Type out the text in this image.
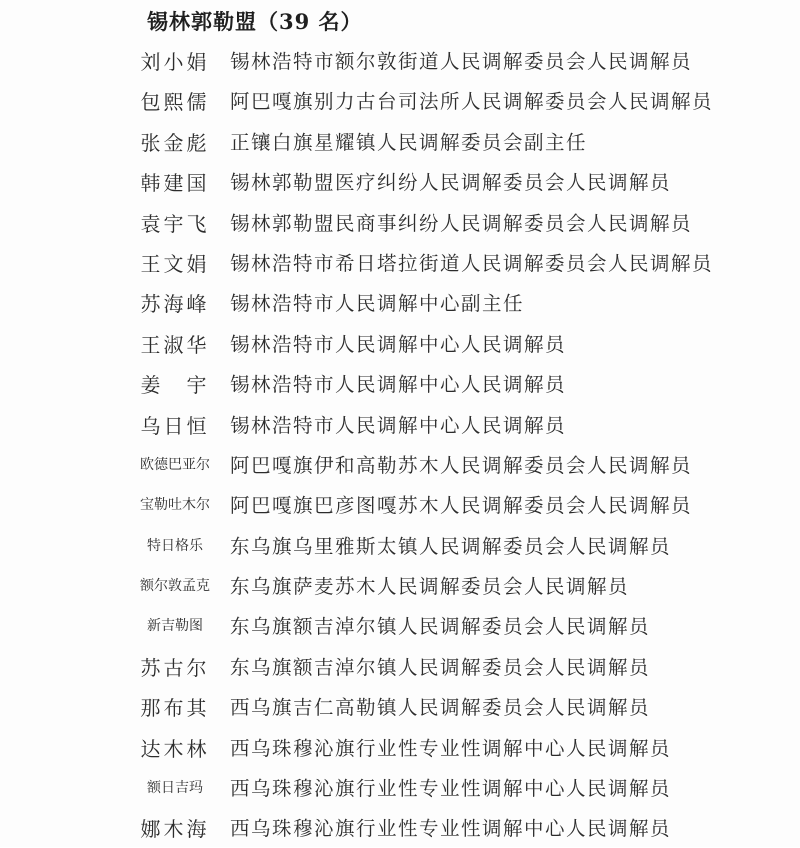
锡林郭勒盟（39 名）
刘小娟	锡林浩特市额尔敦街道人民调解委员会人民调解员
包熙儒	阿巴嘎旗别力古台司法所人民调解委员会人民调解员
张金彪	正镶白旗星耀镇人民调解委员会副主任
韩建国	锡林郭勒盟医疗纠纷人民调解委员会人民调解员
袁宇飞	锡林郭勒盟民商事纠纷人民调解委员会人民调解员
王文娟	锡林浩特市希日塔拉街道人民调解委员会人民调解员
苏海峰	锡林浩特市人民调解中心副主任
王淑华	锡林浩特市人民调解中心人民调解员
姜　宇	锡林浩特市人民调解中心人民调解员
乌日恒	锡林浩特市人民调解中心人民调解员
欧德巴亚尔	阿巴嘎旗伊和高勒苏木人民调解委员会人民调解员
宝勒吐木尔	阿巴嘎旗巴彦图嘎苏木人民调解委员会人民调解员
特日格乐	东乌旗乌里雅斯太镇人民调解委员会人民调解员
额尔敦孟克	东乌旗萨麦苏木人民调解委员会人民调解员
新吉勒图	东乌旗额吉淖尔镇人民调解委员会人民调解员
苏古尔	东乌旗额吉淖尔镇人民调解委员会人民调解员
那布其	西乌旗吉仁高勒镇人民调解委员会人民调解员
达木林	西乌珠穆沁旗行业性专业性调解中心人民调解员
额日吉玛	西乌珠穆沁旗行业性专业性调解中心人民调解员
娜木海	西乌珠穆沁旗行业性专业性调解中心人民调解员
